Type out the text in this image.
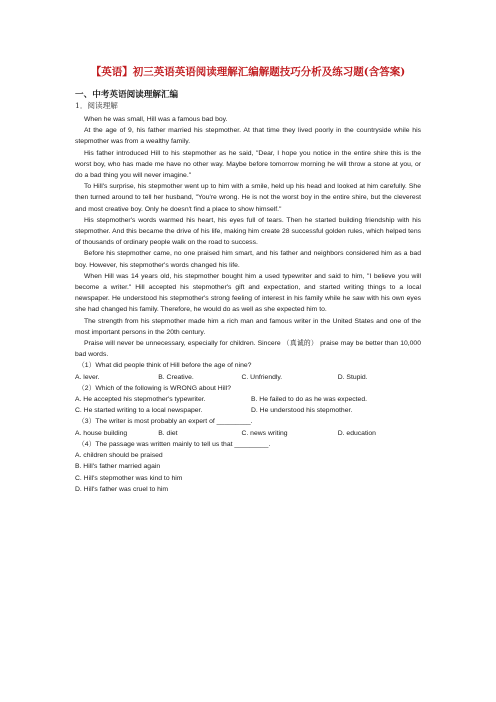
【英语】初三英语英语阅读理解汇编解题技巧分析及练习题(含答案)
一、中考英语阅读理解汇编
1．阅读理解

When he was small, Hill was a famous bad boy.

At the age of 9, his father married his stepmother. At that time they lived poorly in the countryside while his stepmother was from a wealthy family.

His father introduced Hill to his stepmother as he said, "Dear, I hope you notice in the entire shire this is the worst boy, who has made me have no other way. Maybe before tomorrow morning he will throw a stone at you, or do a bad thing you will never imagine."

To Hill's surprise, his stepmother went up to him with a smile, held up his head and looked at him carefully. She then turned around to tell her husband, "You're wrong. He is not the worst boy in the entire shire, but the cleverest and most creative boy. Only he doesn't find a place to show himself."

His stepmother's words warmed his heart, his eyes full of tears. Then he started building friendship with his stepmother. And this became the drive of his life, making him create 28 successful golden rules, which helped tens of thousands of ordinary people walk on the road to success.

Before his stepmother came, no one praised him smart, and his father and neighbors considered him as a bad boy. However, his stepmother's words changed his life.

When Hill was 14 years old, his stepmother bought him a used typewriter and said to him, "I believe you will become a writer." Hill accepted his stepmother's gift and expectation, and started writing things to a local newspaper. He understood his stepmother's strong feeling of interest in his family while he saw with his own eyes she had changed his family. Therefore, he would do as well as she expected him to.

The strength from his stepmother made him a rich man and famous writer in the United States and one of the most important persons in the 20th century.

Praise will never be unnecessary, especially for children. Sincere （真诚的） praise may be better than 10,000 bad words.

（1）What did people think of Hill before the age of nine?
A. lever.	B. Creative.	C. Unfriendly.	D. Stupid.
（2）Which of the following is WRONG about Hill?
A. He accepted his stepmother's typewriter.	B. He failed to do as he was expected.
C. He started writing to a local newspaper.	D. He understood his stepmother.
（3）The writer is most probably an expert of _________.
A. house building	B. diet	C. news writing	D. education
（4）The passage was written mainly to tell us that _________.
A. children should be praised
B. Hill's father married again
C. Hill's stepmother was kind to him
D. Hill's father was cruel to him
